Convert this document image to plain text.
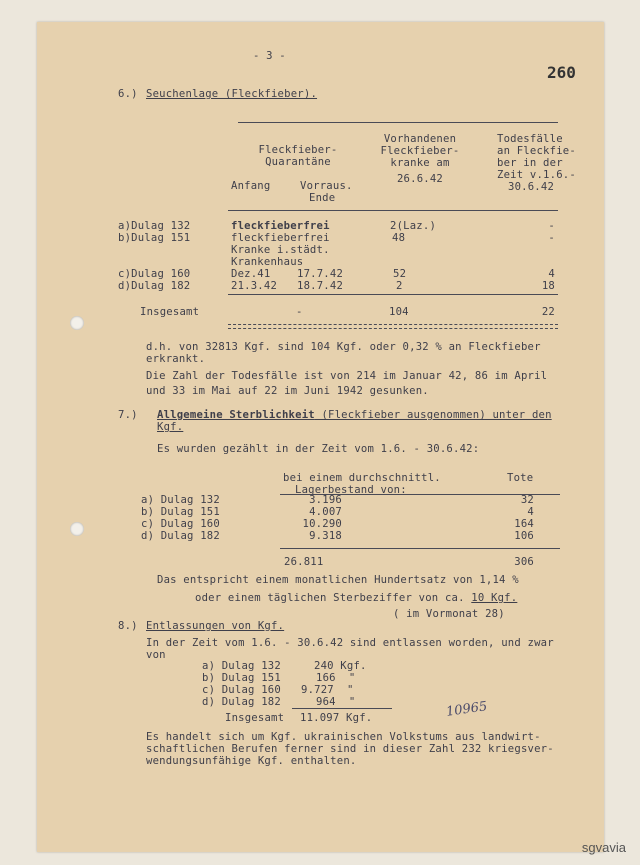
- 3 -
260
6.) Seuchenlage (Fleckfieber).
Fleckfieber-
Quarantäne
Anfang	Vorraus.
Ende
Vorhandenen
Fleckfieber-
kranke am
26.6.42
Todesfälle
an Fleckfie-
ber in der
Zeit v.1.6.-
30.6.42
a)Dulag 132	fleckfieberfrei	2(Laz.)	-
b)Dulag 151	fleckfieberfrei	48	-
Kranke i.städt.
Krankenhaus
c)Dulag 160	Dez.41	17.7.42	52	4
d)Dulag 182	21.3.42 18.7.42	2	18
Insgesamt	-	104	22
d.h. von 32813 Kgf. sind 104 Kgf. oder 0,32 % an Fleckfieber
erkrankt.
Die Zahl der Todesfälle ist von 214 im Januar 42, 86 im April
und 33 im Mai auf 22 im Juni 1942 gesunken.
7.) Allgemeine Sterblichkeit (Fleckfieber ausgenommen) unter den
Kgf.
Es wurden gezählt in der Zeit vom 1.6. - 30.6.42:
bei einem durchschnittl.
Lagerbestand von:
Tote
a) Dulag 132	3.196	32
b) Dulag 151	4.007	4
c) Dulag 160	10.290	164
d) Dulag 182	9.318	106
26.811	306
Das entspricht einem monatlichen Hundertsatz von 1,14 %
oder einem täglichen Sterbeziffer von ca. 10 Kgf.
( im Vormonat 28)
8.) Entlassungen von Kgf.
In der Zeit vom 1.6. - 30.6.42 sind entlassen worden, und zwar
von
a) Dulag 132	240 Kgf.
b) Dulag 151	166  "
c) Dulag 160 9.727  "
d) Dulag 182	964  "
Insgesamt 11.097 Kgf.	10965
Es handelt sich um Kgf. ukrainischen Volkstums aus landwirt-
schaftlichen Berufen ferner sind in dieser Zahl 232 kriegsver-
wendungsunfähige Kgf. enthalten.
sgvavia
